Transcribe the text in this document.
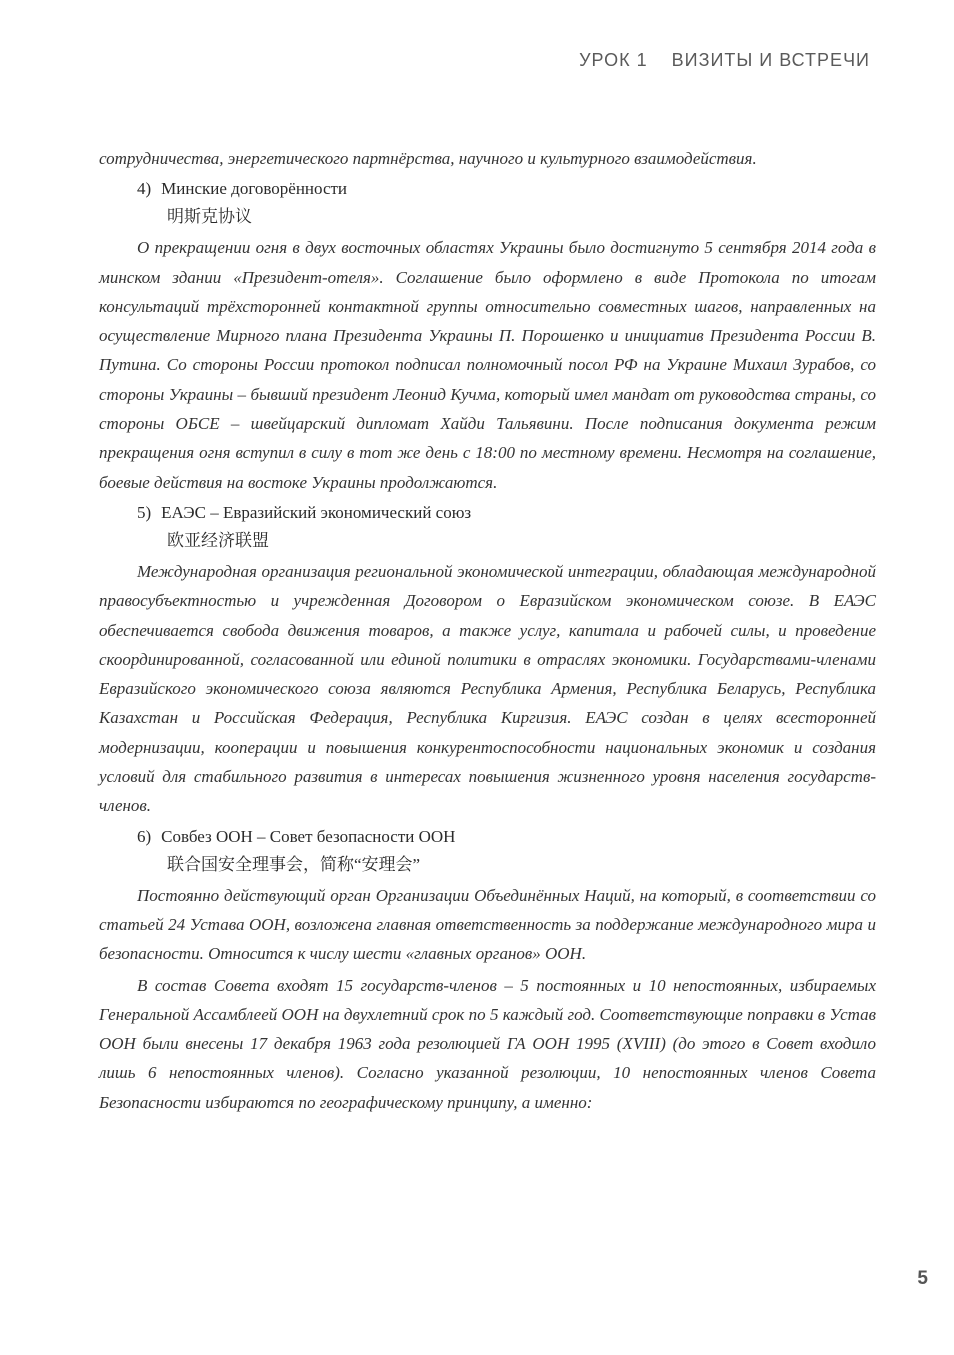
УРОК 1 ВИЗИТЫ И ВСТРЕЧИ

сотрудничества, энергетического партнёрства, научного и культурного взаимодействия.

4) Минские договорённости
明斯克协议

О прекращении огня в двух восточных областях Украины было достигнуто 5 сентября 2014 года в минском здании «Президент-отеля». Соглашение было оформлено в виде Протокола по итогам консультаций трёхсторонней контактной группы относительно совместных шагов, направленных на осуществление Мирного плана Президента Украины П. Порошенко и инициатив Президента России В. Путина. Со стороны России протокол подписал полномочный посол РФ на Украине Михаил Зурабов, со стороны Украины – бывший президент Леонид Кучма, который имел мандат от руководства страны, со стороны ОБСЕ – швейцарский дипломат Хайди Тальявини. После подписания документа режим прекращения огня вступил в силу в тот же день с 18:00 по местному времени. Несмотря на соглашение, боевые действия на востоке Украины продолжаются.

5) ЕАЭС – Евразийский экономический союз
欧亚经济联盟

Международная организация региональной экономической интеграции, обладающая международной правосубъектностью и учрежденная Договором о Евразийском экономическом союзе. В ЕАЭС обеспечивается свобода движения товаров, а также услуг, капитала и рабочей силы, и проведение скоординированной, согласованной или единой политики в отраслях экономики. Государствами-членами Евразийского экономического союза являются Республика Армения, Республика Беларусь, Республика Казахстан и Российская Федерация, Республика Киргизия. ЕАЭС создан в целях всесторонней модернизации, кооперации и повышения конкурентоспособности национальных экономик и создания условий для стабильного развития в интересах повышения жизненного уровня населения государств-членов.

6) Совбез ООН – Совет безопасности ООН
联合国安全理事会，简称“安理会”

Постоянно действующий орган Организации Объединённых Наций, на который, в соответствии со статьей 24 Устава ООН, возложена главная ответственность за поддержание международного мира и безопасности. Относится к числу шести «главных органов» ООН.

В состав Совета входят 15 государств-членов – 5 постоянных и 10 непостоянных, избираемых Генеральной Ассамблеей ООН на двухлетний срок по 5 каждый год. Соответствующие поправки в Устав ООН были внесены 17 декабря 1963 года резолюцией ГА ООН 1995 (XVIII) (до этого в Совет входило лишь 6 непостоянных членов). Согласно указанной резолюции, 10 непостоянных членов Совета Безопасности избираются по географическому принципу, а именно:

5
